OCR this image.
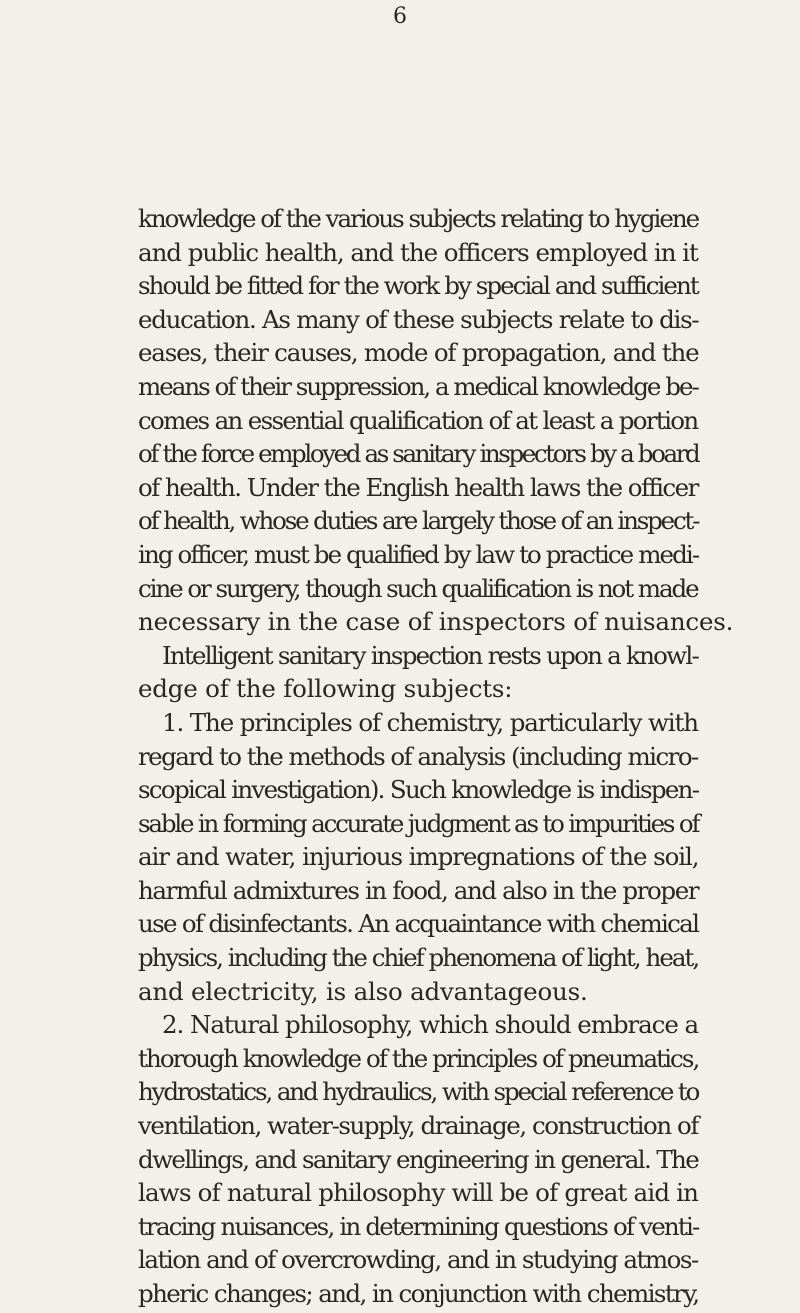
6
knowledge of the various subjects relating to hygiene
and public health, and the officers employed in it
should be fitted for the work by special and sufficient
education. As many of these subjects relate to dis-
eases, their causes, mode of propagation, and the
means of their suppression, a medical knowledge be-
comes an essential qualification of at least a portion
of the force employed as sanitary inspectors by a board
of health. Under the English health laws the officer
of health, whose duties are largely those of an inspect-
ing officer, must be qualified by law to practice medi-
cine or surgery, though such qualification is not made
necessary in the case of inspectors of nuisances.
Intelligent sanitary inspection rests upon a knowl-
edge of the following subjects:
1. The principles of chemistry, particularly with
regard to the methods of analysis (including micro-
scopical investigation). Such knowledge is indispen-
sable in forming accurate judgment as to impurities of
air and water, injurious impregnations of the soil,
harmful admixtures in food, and also in the proper
use of disinfectants. An acquaintance with chemical
physics, including the chief phenomena of light, heat,
and electricity, is also advantageous.
2. Natural philosophy, which should embrace a
thorough knowledge of the principles of pneumatics,
hydrostatics, and hydraulics, with special reference to
ventilation, water-supply, drainage, construction of
dwellings, and sanitary engineering in general. The
laws of natural philosophy will be of great aid in
tracing nuisances, in determining questions of venti-
lation and of overcrowding, and in studying atmos-
pheric changes; and, in conjunction with chemistry,
